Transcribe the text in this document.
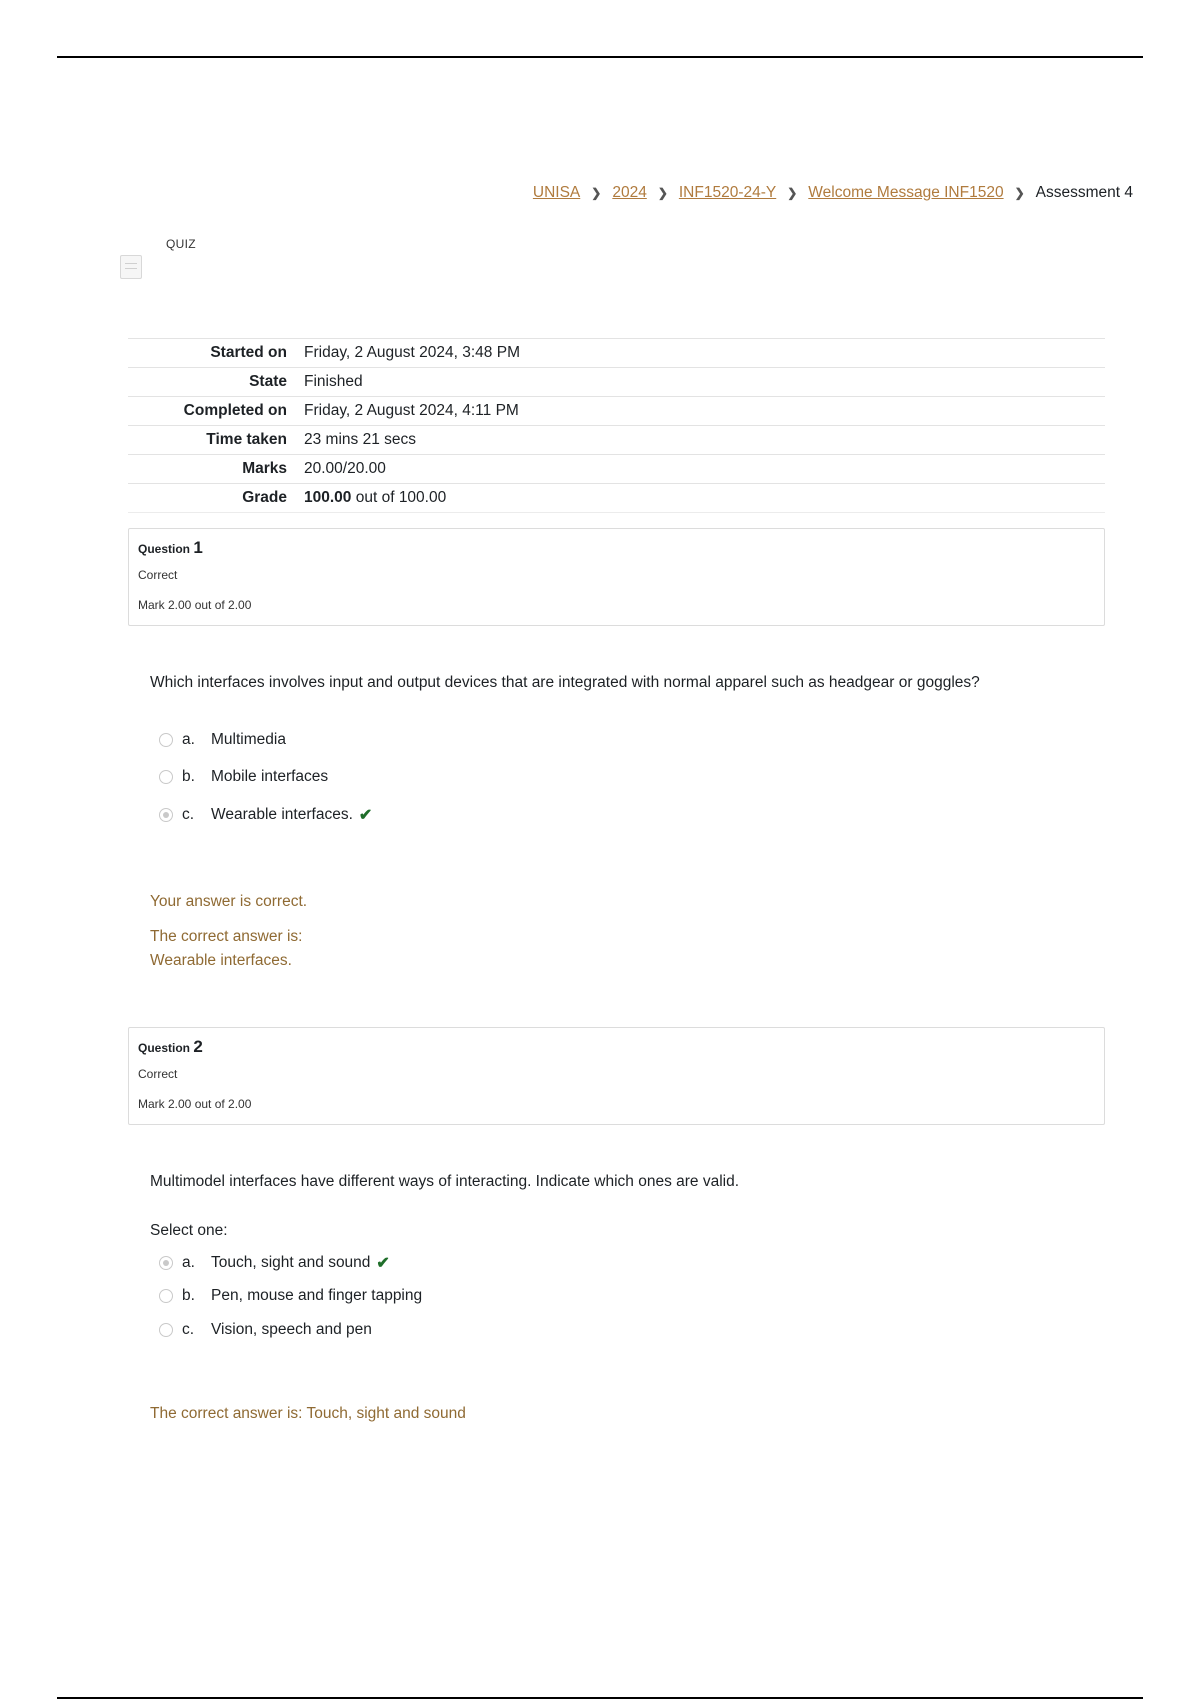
UNISA ❯ 2024 ❯ INF1520-24-Y ❯ Welcome Message INF1520 ❯ Assessment 4
QUIZ
Started on	Friday, 2 August 2024, 3:48 PM
State	Finished
Completed on	Friday, 2 August 2024, 4:11 PM
Time taken	23 mins 21 secs
Marks	20.00/20.00
Grade	100.00 out of 100.00
Question 1
Correct
Mark 2.00 out of 2.00
Which interfaces involves input and output devices that are integrated with normal apparel such as headgear or goggles?
a.	Multimedia
b.	Mobile interfaces
c.	Wearable interfaces. ✔
Your answer is correct.
The correct answer is:
Wearable interfaces.
Question 2
Correct
Mark 2.00 out of 2.00
Multimodel interfaces have different ways of interacting. Indicate which ones are valid.
Select one:
a.	Touch, sight and sound ✔
b.	Pen, mouse and finger tapping
c.	Vision, speech and pen
The correct answer is: Touch, sight and sound
